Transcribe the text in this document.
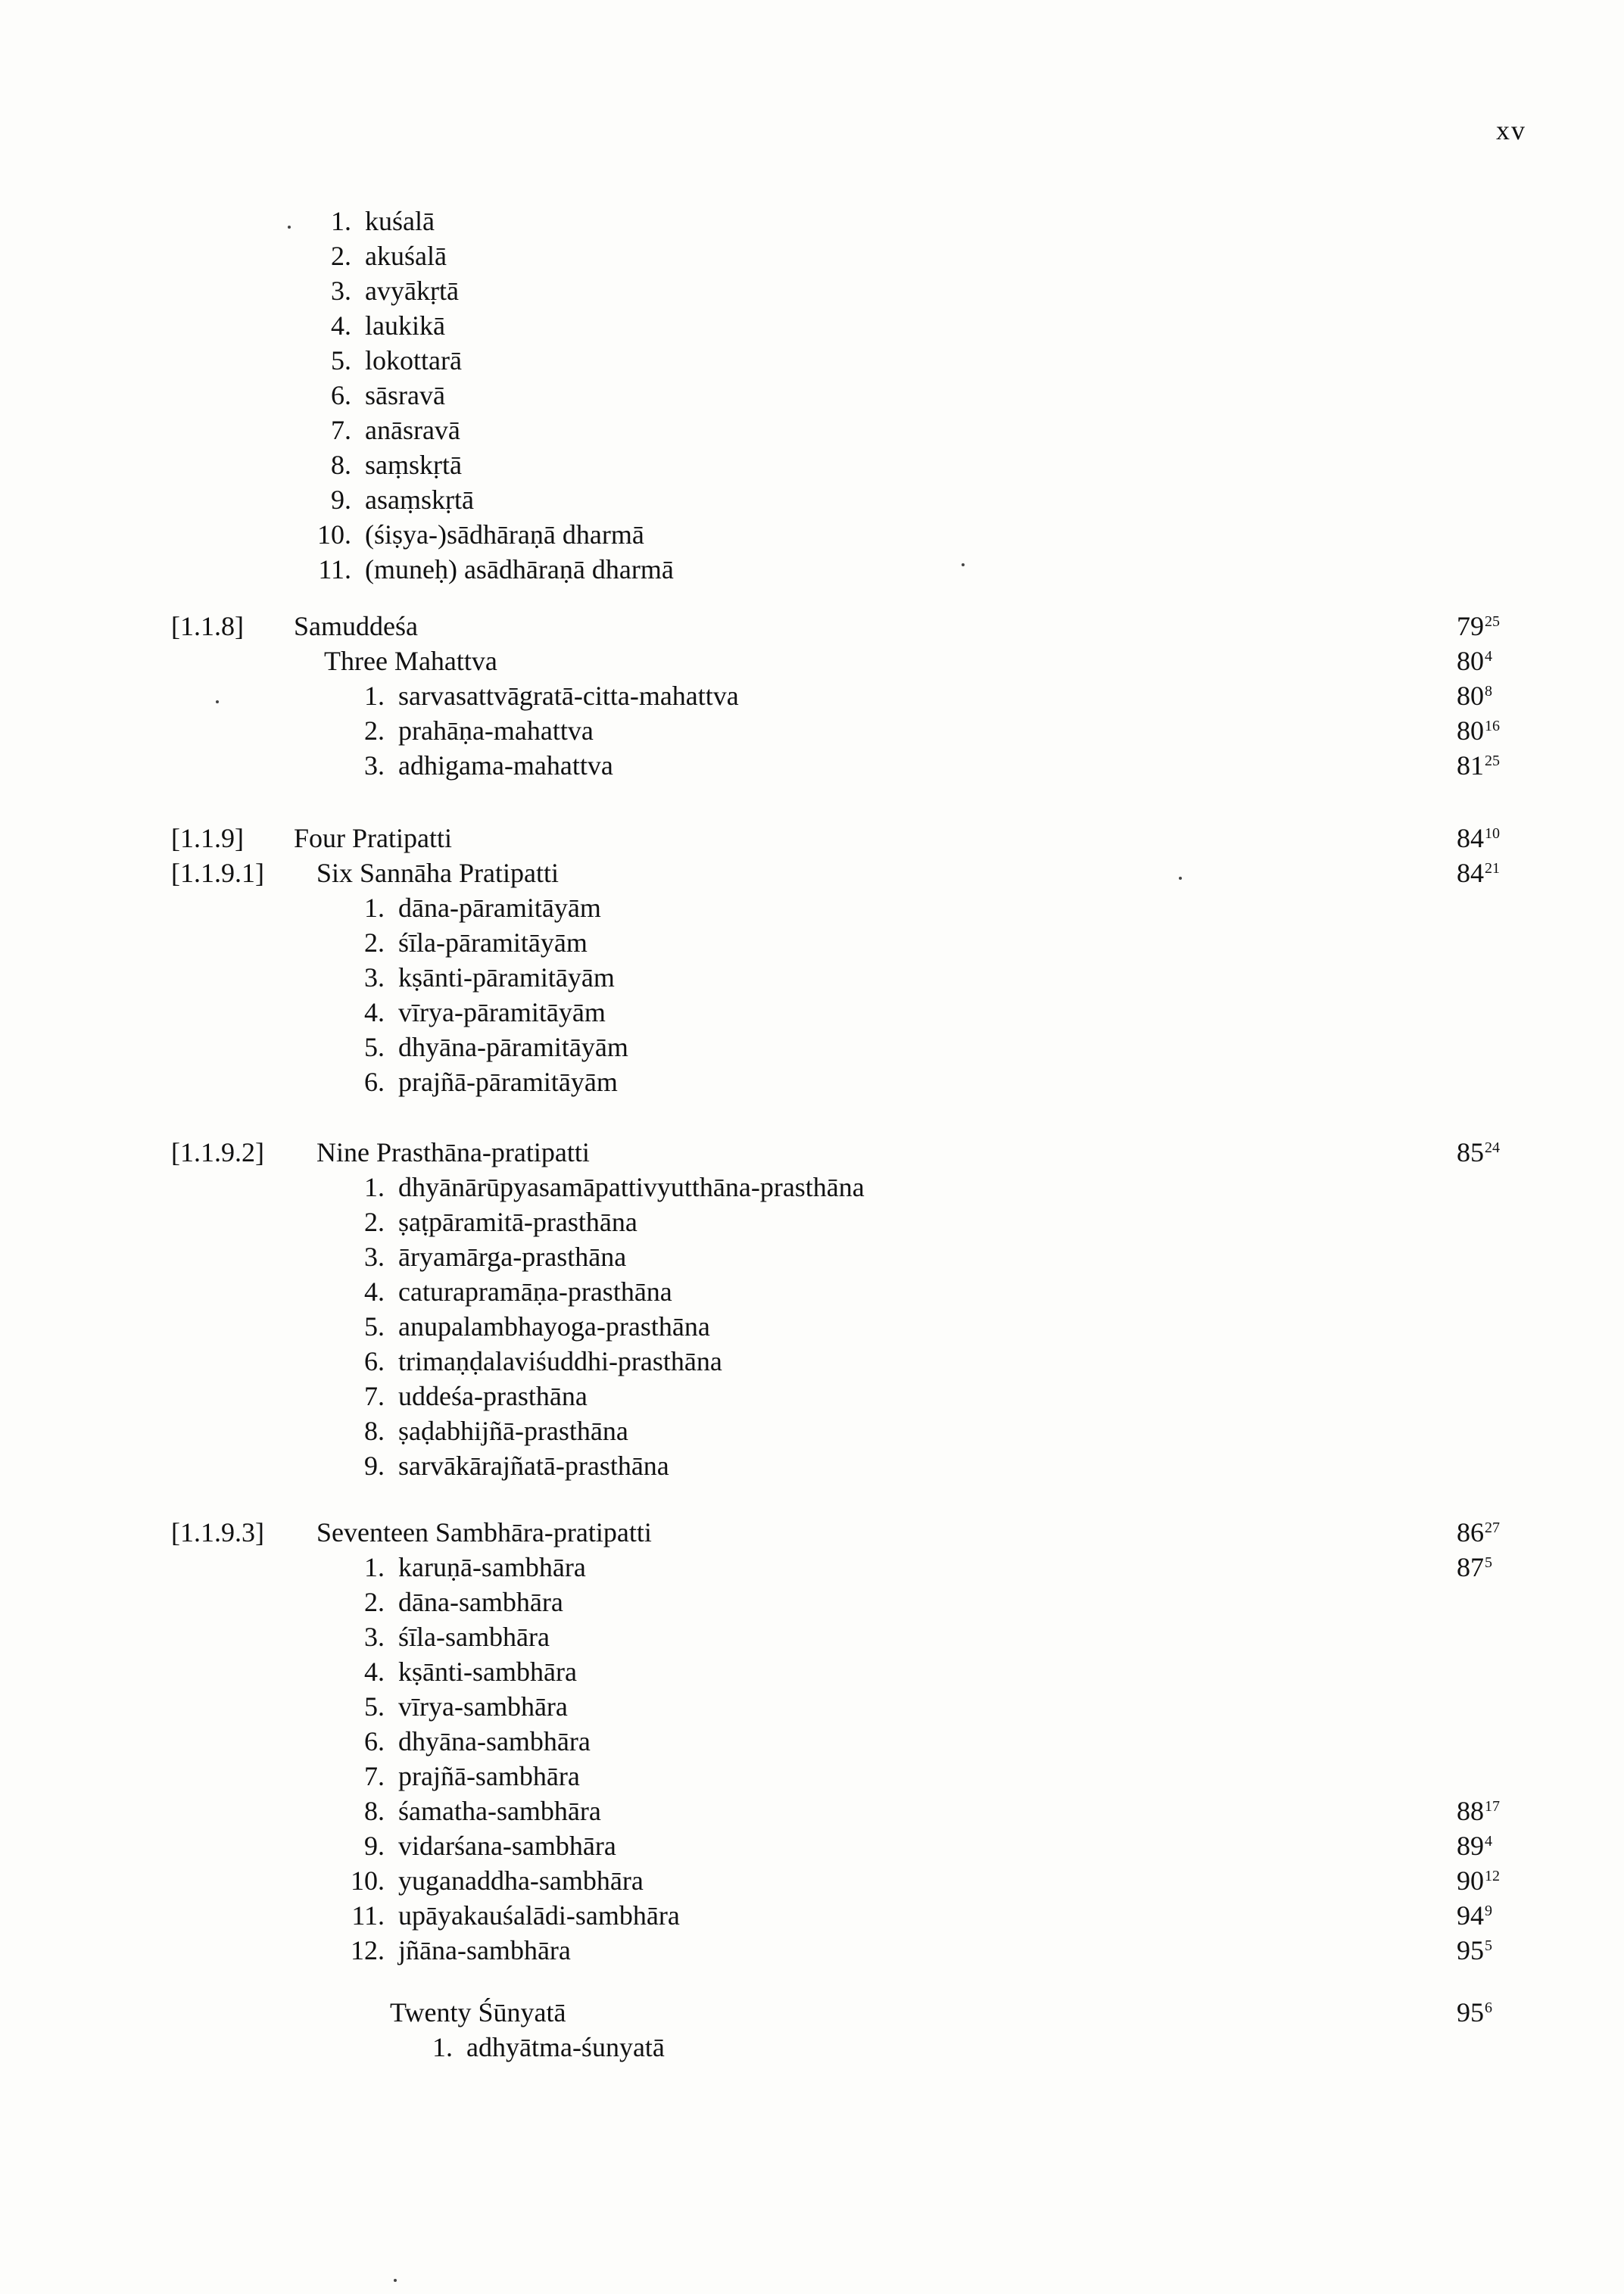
xv
1. kuśalā
2. akuśalā
3. avyākṛtā
4. laukikā
5. lokottarā
6. sāsravā
7. anāsravā
8. saṃskṛtā
9. asaṃskṛtā
10. (śiṣya-)sādhāraṇā dharmā
11. (muneḥ) asādhāraṇā dharmā
[1.1.8] Samuddeśa	$79^{25}$
Three Mahattva	$80^4$
1. sarvasattvāgratā-citta-mahattva	$80^8$
2. prahāṇa-mahattva	$80^{16}$
3. adhigama-mahattva	$81^{25}$
[1.1.9] Four Pratipatti	$84^{10}$
[1.1.9.1] Six Sannāha Pratipatti	$84^{21}$
1. dāna-pāramitāyām
2. śīla-pāramitāyām
3. kṣānti-pāramitāyām
4. vīrya-pāramitāyām
5. dhyāna-pāramitāyām
6. prajñā-pāramitāyām
[1.1.9.2] Nine Prasthāna-pratipatti	$85^{24}$
1. dhyānārūpyasamāpattivyutthāna-prasthāna
2. ṣaṭpāramitā-prasthāna
3. āryamārga-prasthāna
4. caturapramāṇa-prasthāna
5. anupalambhayoga-prasthāna
6. trimaṇḍalaviśuddhi-prasthāna
7. uddeśa-prasthāna
8. ṣaḍabhijñā-prasthāna
9. sarvākārajñatā-prasthāna
[1.1.9.3] Seventeen Sambhāra-pratipatti	$86^{27}$
1. karuṇā-sambhāra	$87^5$
2. dāna-sambhāra
3. śīla-sambhāra
4. kṣānti-sambhāra
5. vīrya-sambhāra
6. dhyāna-sambhāra
7. prajñā-sambhāra
8. śamatha-sambhāra	$88^{17}$
9. vidarśana-sambhāra	$89^4$
10. yuganaddha-sambhāra	$90^{12}$
11. upāyakauśalādi-sambhāra	$94^9$
12. jñāna-sambhāra	$95^5$
Twenty Śūnyatā	$95^6$
1. adhyātma-śunyatā
